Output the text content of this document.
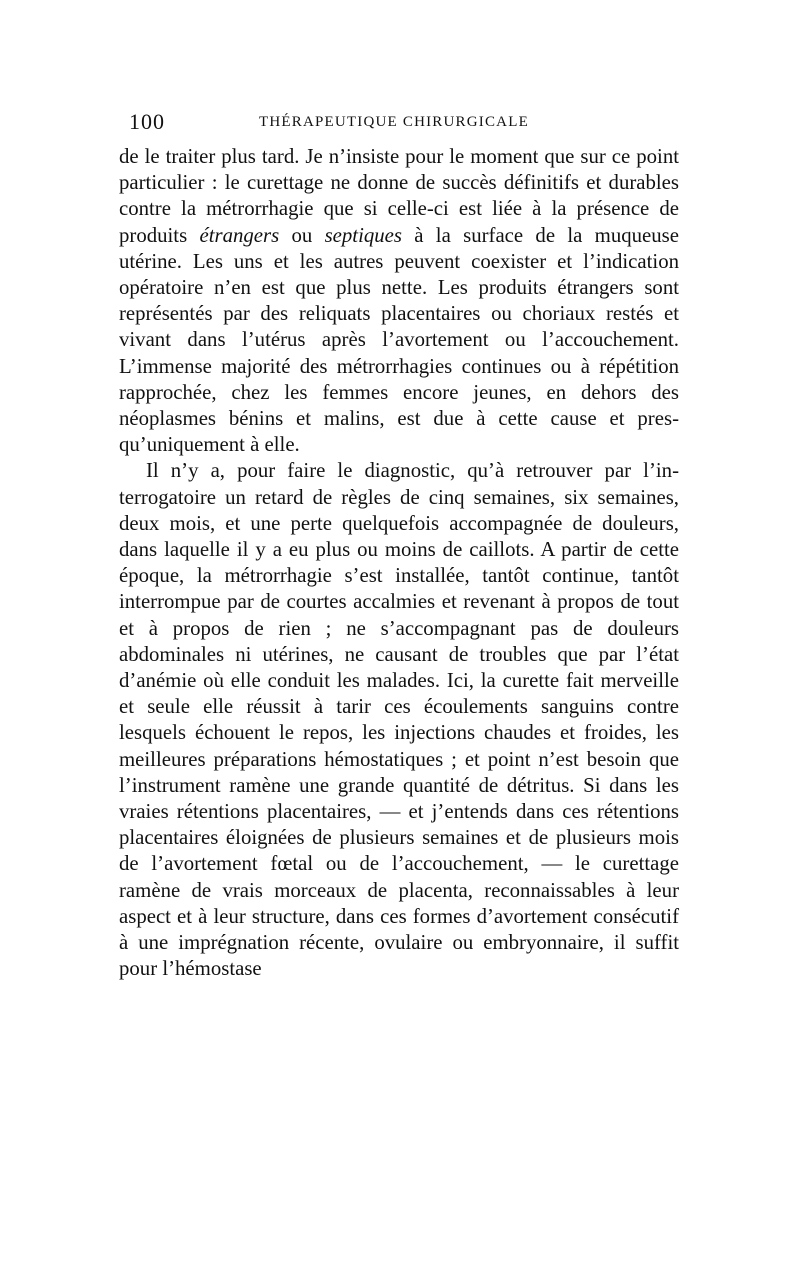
100	THÉRAPEUTIQUE CHIRURGICALE

de le traiter plus tard. Je n’insiste pour le moment que sur ce point particulier : le curettage ne donne de succès définitifs et durables contre la métrorrhagie que si celle-ci est liée à la présence de produits étrangers ou septiques à la surface de la muqueuse utérine. Les uns et les autres peuvent coexister et l’indication opératoire n’en est que plus nette. Les produits étrangers sont représentés par des reliquats placentaires ou choriaux restés et vivant dans l’utérus après l’avortement ou l’accouchement. L’immense majorité des métrorrhagies continues ou à répétition rapprochée, chez les femmes encore jeunes, en dehors des néoplasmes bénins et malins, est due à cette cause et presqu’uniquement à elle.

Il n’y a, pour faire le diagnostic, qu’à retrouver par l’interrogatoire un retard de règles de cinq semaines, six semaines, deux mois, et une perte quelquefois accompagnée de douleurs, dans laquelle il y a eu plus ou moins de caillots. A partir de cette époque, la métrorrhagie s’est installée, tantôt continue, tantôt interrompue par de courtes accalmies et revenant à propos de tout et à propos de rien ; ne s’accompagnant pas de douleurs abdominales ni utérines, ne causant de troubles que par l’état d’anémie où elle conduit les malades. Ici, la curette fait merveille et seule elle réussit à tarir ces écoulements sanguins contre lesquels échouent le repos, les injections chaudes et froides, les meilleures préparations hémostatiques ; et point n’est besoin que l’instrument ramène une grande quantité de détritus. Si dans les vraies rétentions placentaires, — et j’entends dans ces rétentions placentaires éloignées de plusieurs semaines et de plusieurs mois de l’avortement fœtal ou de l’accouchement, — le curettage ramène de vrais morceaux de placenta, reconnaissables à leur aspect et à leur structure, dans ces formes d’avortement consécutif à une imprégnation récente, ovulaire ou embryonnaire, il suffit pour l’hémostase
